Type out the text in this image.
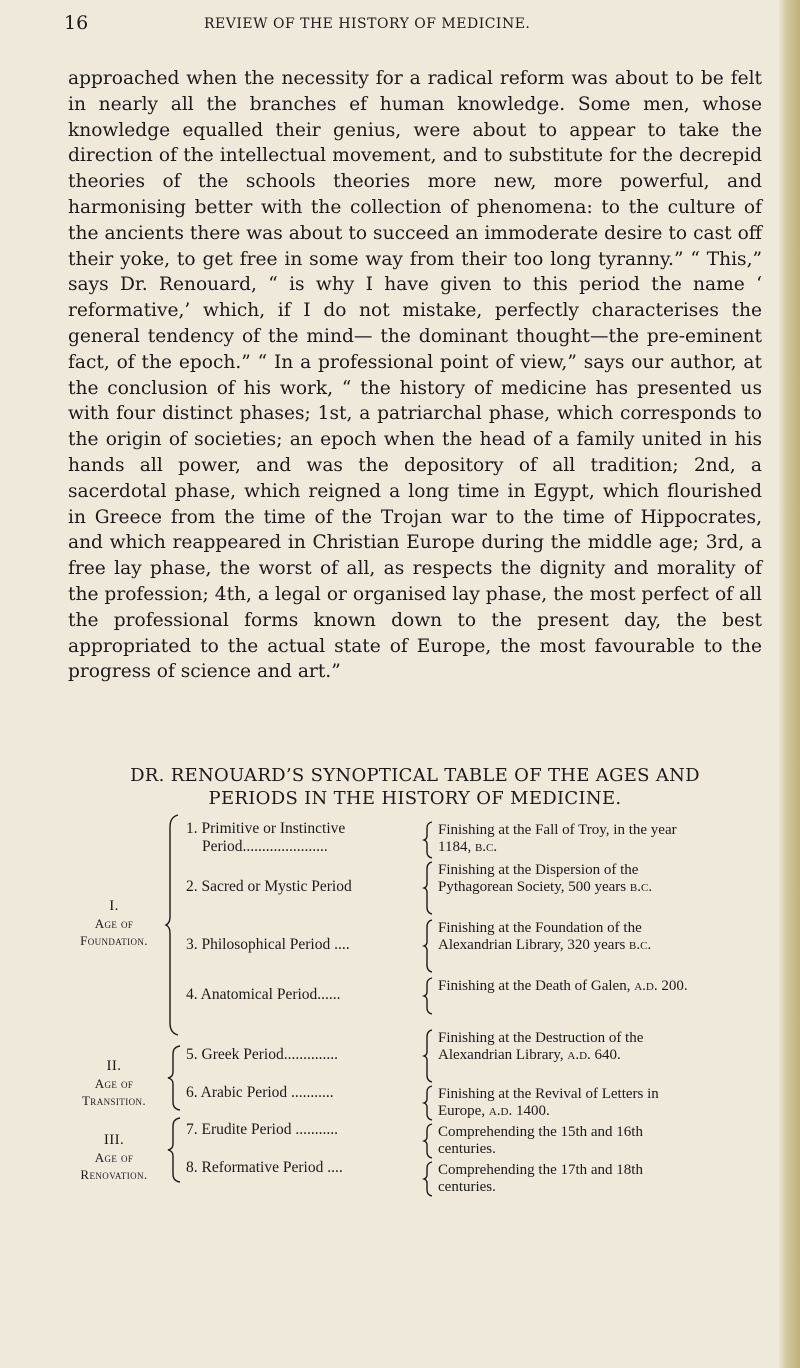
16	REVIEW OF THE HISTORY OF MEDICINE.
approached when the necessity for a radical reform was about to be felt in nearly all the branches ef human knowledge. Some men, whose knowledge equalled their genius, were about to appear to take the direction of the intellectual movement, and to substitute for the decrepid theories of the schools theories more new, more powerful, and harmonising better with the collection of phenomena: to the culture of the ancients there was about to succeed an immoderate desire to cast off their yoke, to get free in some way from their too long tyranny.” “ This,” says Dr. Renouard, “ is why I have given to this period the name ‘ reformative,’ which, if I do not mistake, perfectly characterises the general tendency of the mind— the dominant thought—the pre-eminent fact, of the epoch.” “ In a professional point of view,” says our author, at the conclusion of his work, “ the history of medicine has presented us with four distinct phases; 1st, a patriarchal phase, which corresponds to the origin of societies; an epoch when the head of a family united in his hands all power, and was the depository of all tradition; 2nd, a sacerdotal phase, which reigned a long time in Egypt, which flourished in Greece from the time of the Trojan war to the time of Hippocrates, and which reappeared in Christian Europe during the middle age; 3rd, a free lay phase, the worst of all, as respects the dignity and morality of the profession; 4th, a legal or organised lay phase, the most perfect of all the professional forms known down to the present day, the best appropriated to the actual state of Europe, the most favourable to the progress of science and art.”
DR. RENOUARD’S SYNOPTICAL TABLE OF THE AGES AND
PERIODS IN THE HISTORY OF MEDICINE.
I.
Age of
Foundation.
II.
Age of
Transition.
III.
Age of
Renovation.
1. Primitive or Instinctive
Period......................
2. Sacred or Mystic Period
3. Philosophical Period ....
4. Anatomical Period......
5. Greek Period..............
6. Arabic Period ...........
7. Erudite Period ...........
8. Reformative Period ....
Finishing at the Fall of Troy, in the year 1184, b.c.
Finishing at the Dispersion of the Pythagorean Society, 500 years b.c.
Finishing at the Foundation of the Alexandrian Library, 320 years b.c.
Finishing at the Death of Galen, a.d. 200.
Finishing at the Destruction of the Alexandrian Library, a.d. 640.
Finishing at the Revival of Letters in Europe, a.d. 1400.
Comprehending the 15th and 16th centuries.
Comprehending the 17th and 18th centuries.
